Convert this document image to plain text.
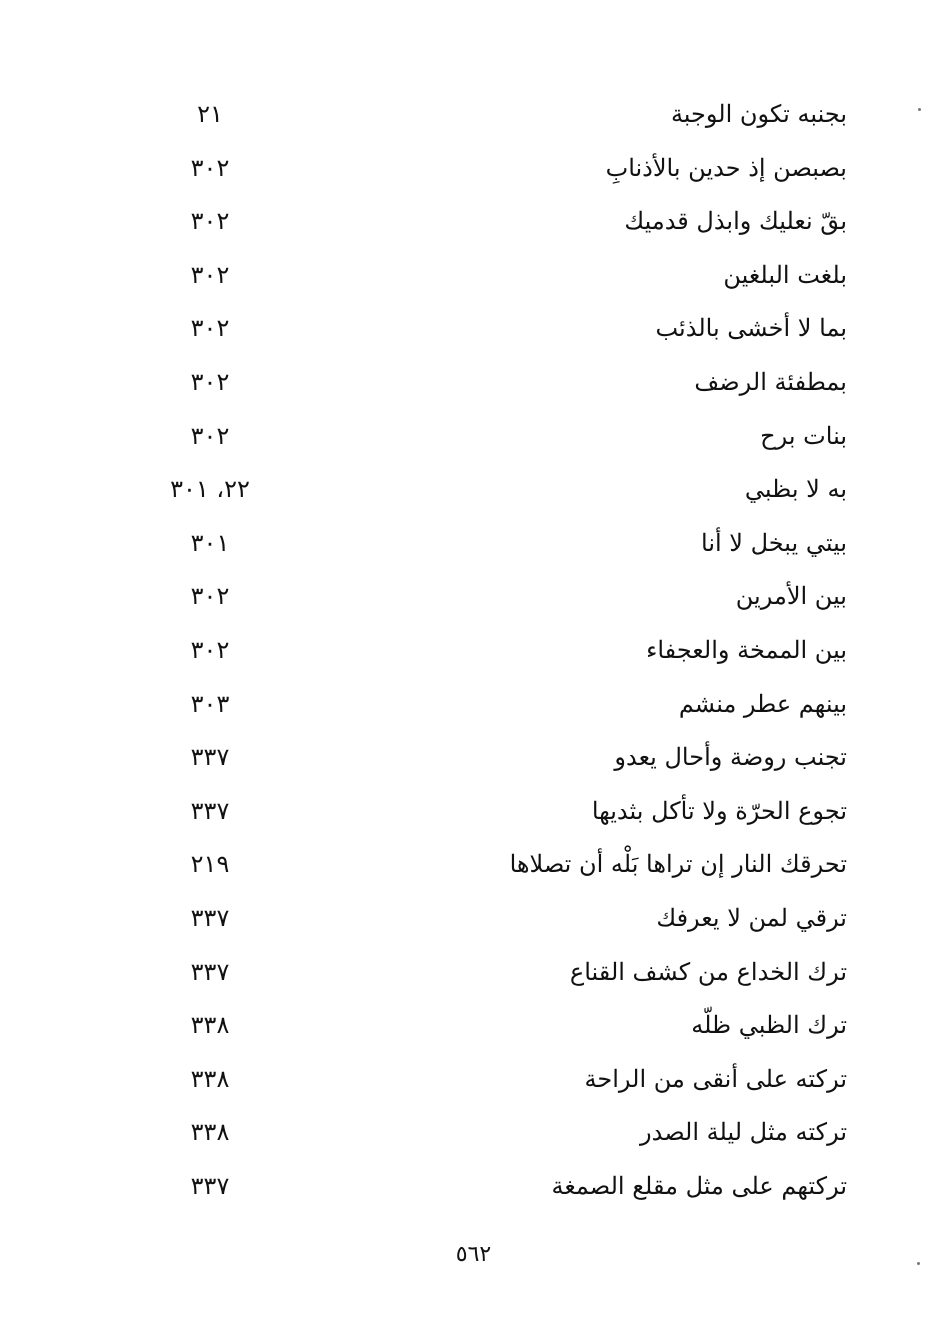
بجنبه تكون الوجبة
٢١
بصبصن إذ حدين بالأذنابِ
٣٠٢
بقّ نعليك وابذل قدميك
٣٠٢
بلغت البلغين
٣٠٢
بما لا أخشى بالذئب
٣٠٢
بمطفئة الرضف
٣٠٢
بنات برح
٣٠٢
به لا بظبي
٢٢، ٣٠١
بيتي يبخل لا أنا
٣٠١
بين الأمرين
٣٠٢
بين الممخة والعجفاء
٣٠٢
بينهم عطر منشم
٣٠٣
تجنب روضة وأحال يعدو
٣٣٧
تجوع الحرّة ولا تأكل بثديها
٣٣٧
تحرقك النار إن تراها بَلْه أن تصلاها
٢١٩
ترقي لمن لا يعرفك
٣٣٧
ترك الخداع من كشف القناع
٣٣٧
ترك الظبي ظلّه
٣٣٨
تركته على أنقى من الراحة
٣٣٨
تركته مثل ليلة الصدر
٣٣٨
تركتهم على مثل مقلع الصمغة
٣٣٧
٥٦٢
